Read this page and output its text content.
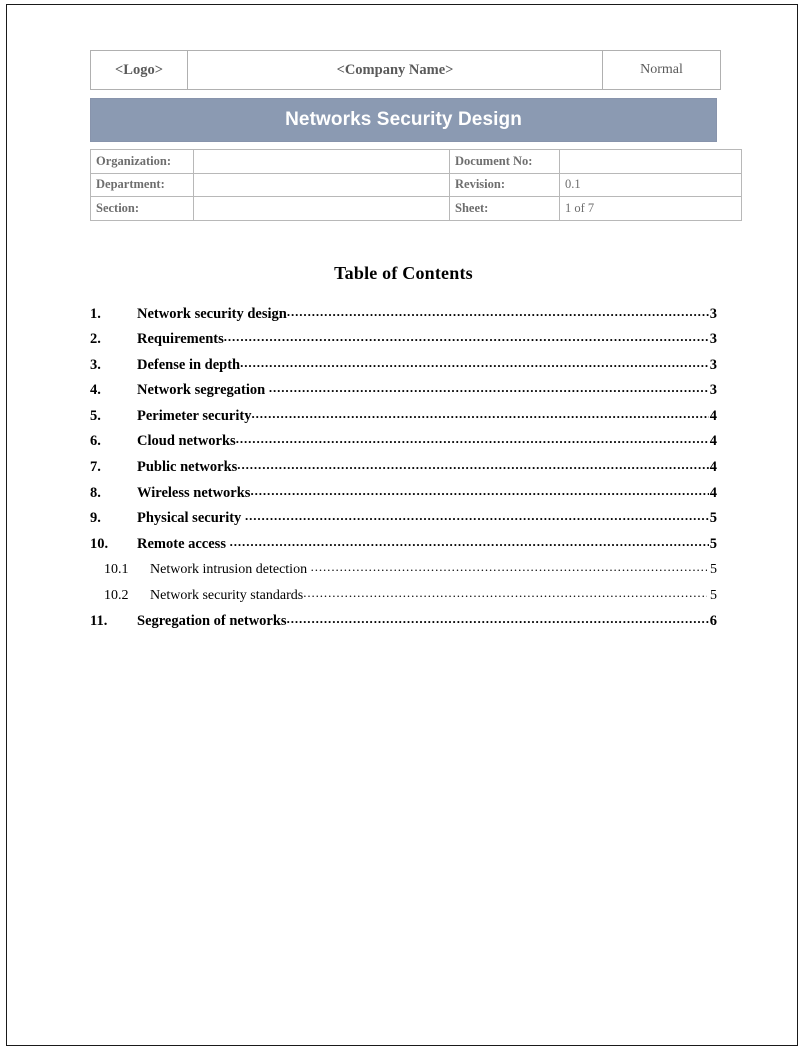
<Logo>	<Company Name>	Normal
Networks Security Design
Organization:		Document No:	
Department:		Revision:	0.1
Section:		Sheet:	1 of 7
Table of Contents
1.	Network security design .....	3
2.	Requirements .....	3
3.	Defense in depth .....	3
4.	Network segregation .....	3
5.	Perimeter security .....	4
6.	Cloud networks .....	4
7.	Public networks .....	4
8.	Wireless networks .....	4
9.	Physical security .....	5
10.	Remote access .....	5
10.1	Network intrusion detection .....	5
10.2	Network security standards .....	5
11.	Segregation of networks .....	6
